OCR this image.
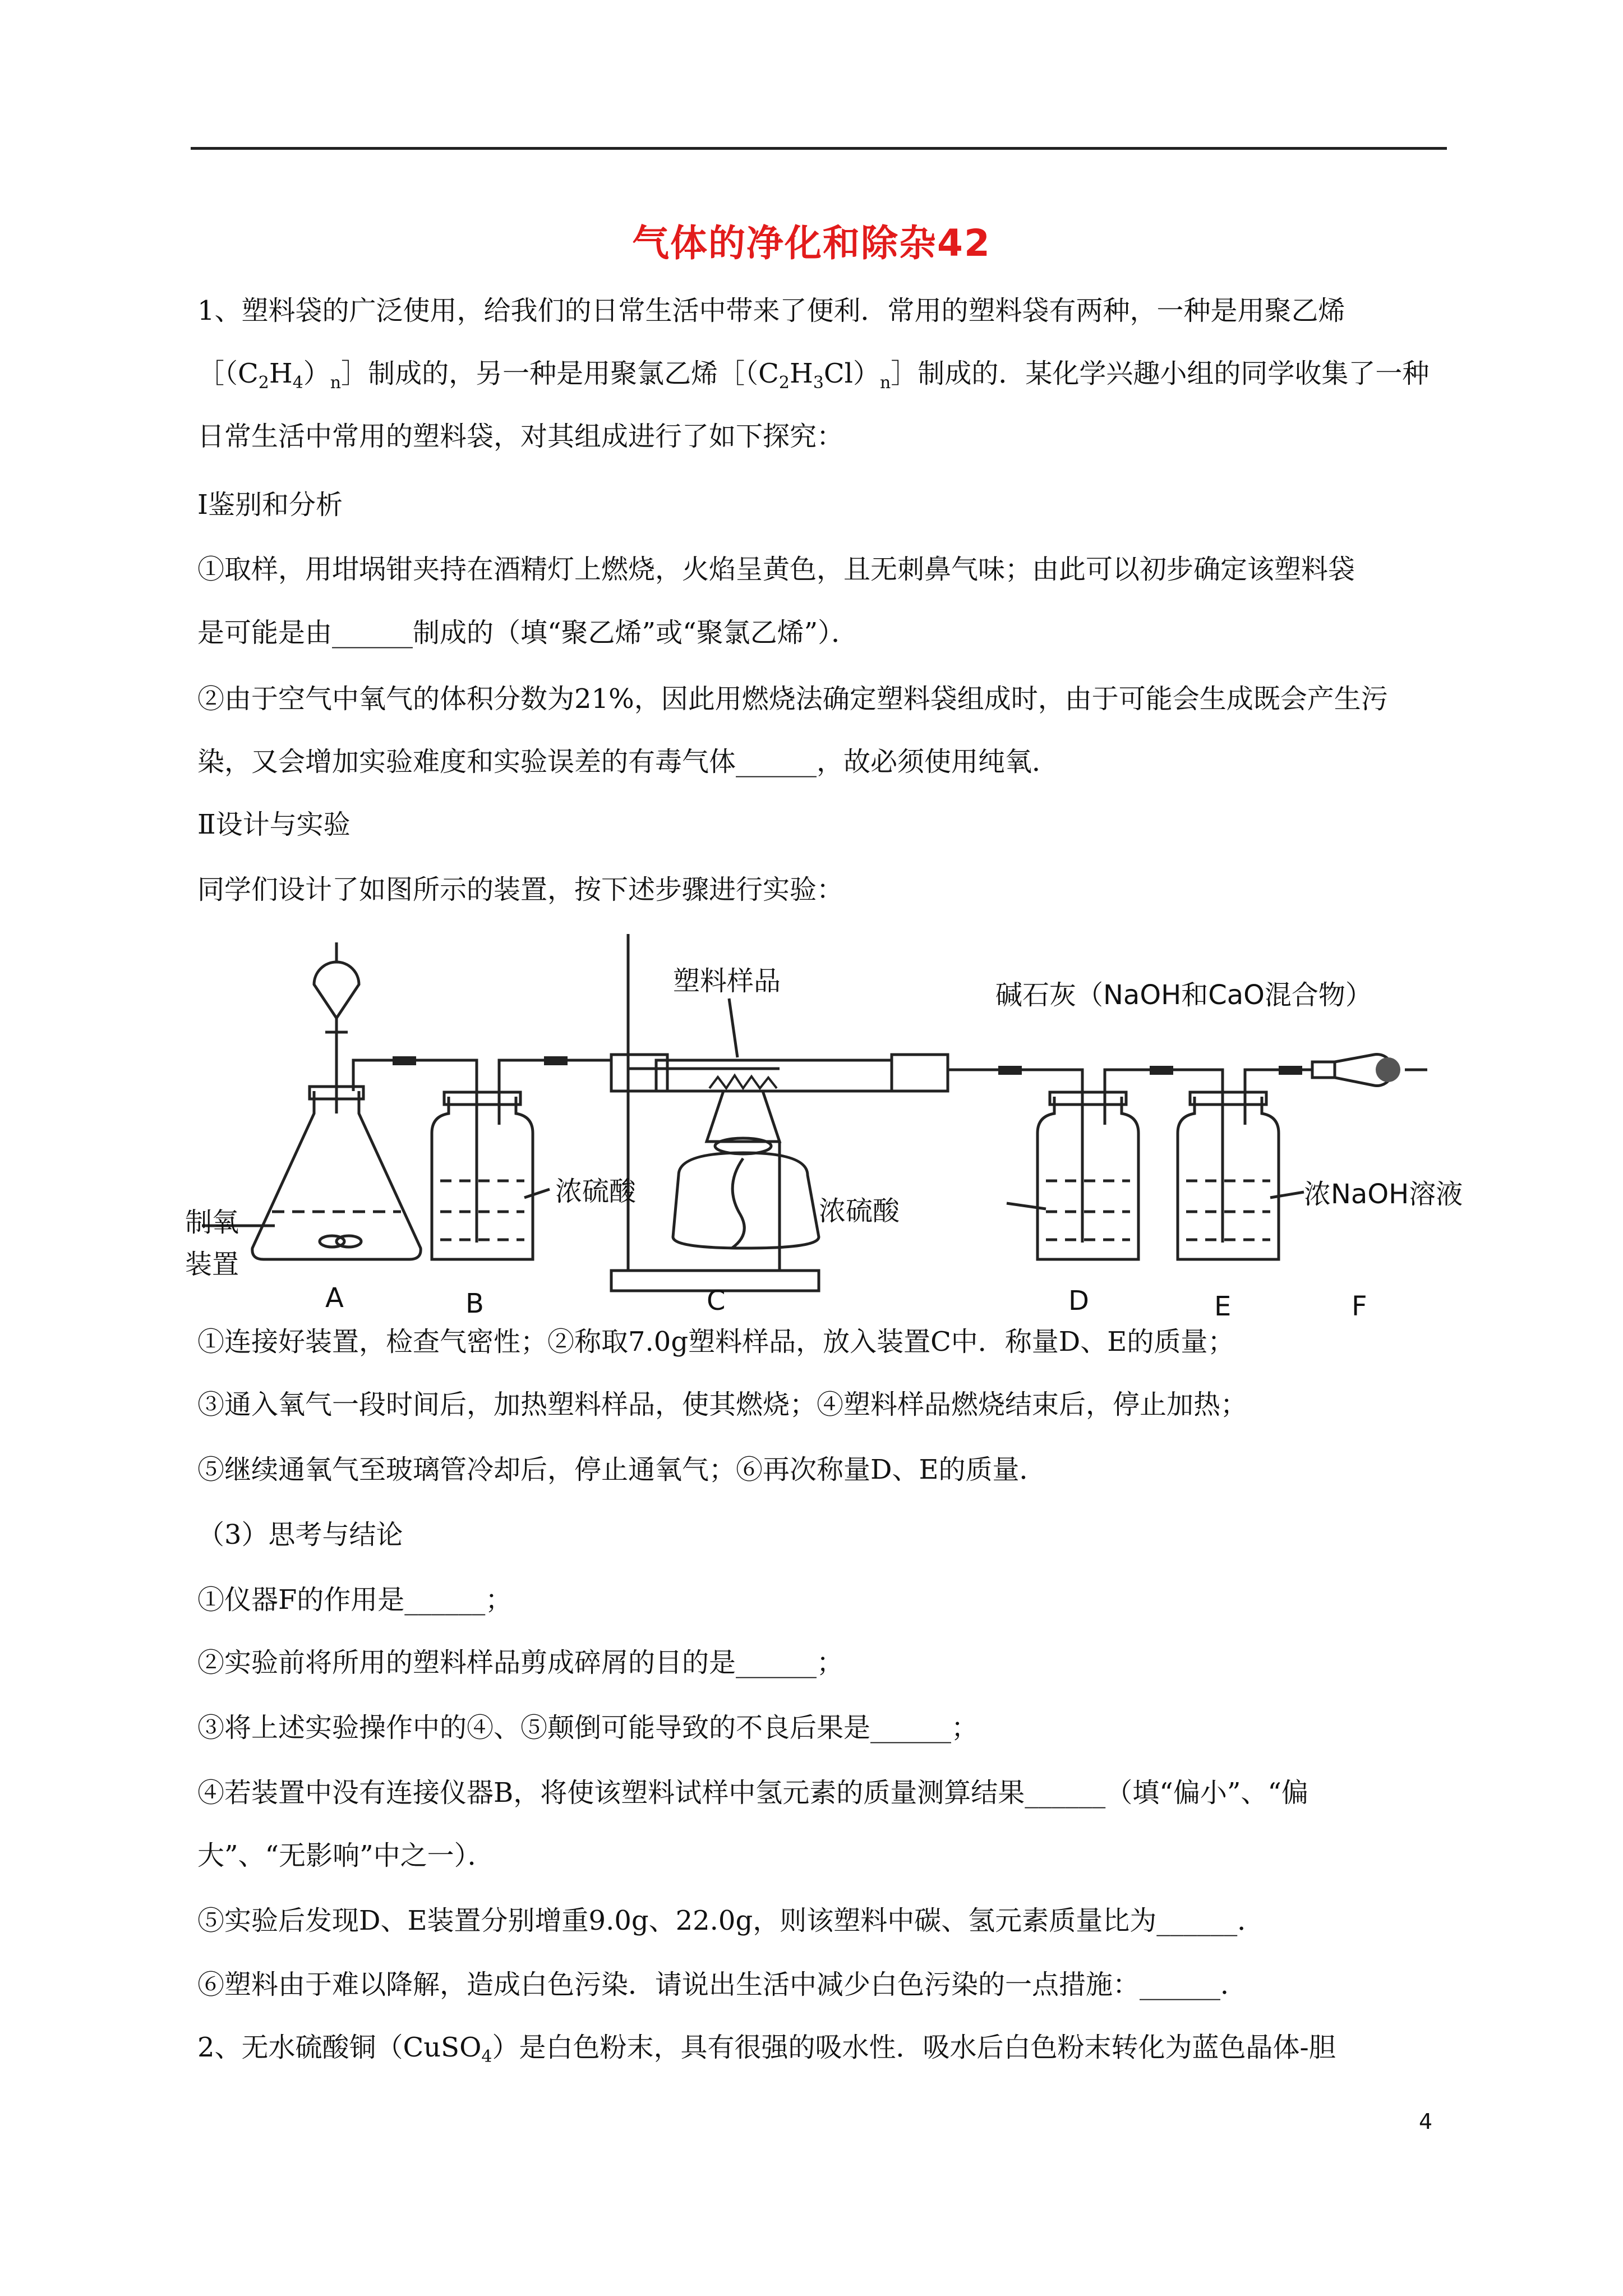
气体的净化和除杂42
1、塑料袋的广泛使用，给我们的日常生活中带来了便利．常用的塑料袋有两种，一种是用聚乙烯
$[(C_2H_4)_n]$制成的，另一种是用聚氯乙烯$[(C_2H_3Cl)_n]$制成的．某化学兴趣小组的同学收集了一种
日常生活中常用的塑料袋，对其组成进行了如下探究：
Ⅰ鉴别和分析
①取样，用坩埚钳夹持在酒精灯上燃烧，火焰呈黄色，且无刺鼻气味；由此可以初步确定该塑料袋
是可能是由______制成的（填“聚乙烯”或“聚氯乙烯”）．
②由于空气中氧气的体积分数为21%，因此用燃烧法确定塑料袋组成时，由于可能会生成既会产生污
染，又会增加实验难度和实验误差的有毒气体______，故必须使用纯氧．
Ⅱ设计与实验
同学们设计了如图所示的装置，按下述步骤进行实验：
制氧
装置
浓硫酸
塑料样品	碱石灰（NaOH和CaO混合物）
浓硫酸
浓NaOH溶液
A	B	C	D	E	F
①连接好装置，检查气密性；②称取7.0g塑料样品，放入装置C中．称量D、E的质量；
③通入氧气一段时间后，加热塑料样品，使其燃烧；④塑料样品燃烧结束后，停止加热；
⑤继续通氧气至玻璃管冷却后，停止通氧气；⑥再次称量D、E的质量．
（3）思考与结论
①仪器F的作用是______；
②实验前将所用的塑料样品剪成碎屑的目的是______；
③将上述实验操作中的④、⑤颠倒可能导致的不良后果是______；
④若装置中没有连接仪器B，将使该塑料试样中氢元素的质量测算结果______（填“偏小”、“偏
大”、“无影响”中之一）．
⑤实验后发现D、E装置分别增重9.0g、22.0g，则该塑料中碳、氢元素质量比为______．
⑥塑料由于难以降解，造成白色污染．请说出生活中减少白色污染的一点措施：______．
2、无水硫酸铜（CuSO$_4$）是白色粉末，具有很强的吸水性．吸水后白色粉末转化为蓝色晶体-胆
4
